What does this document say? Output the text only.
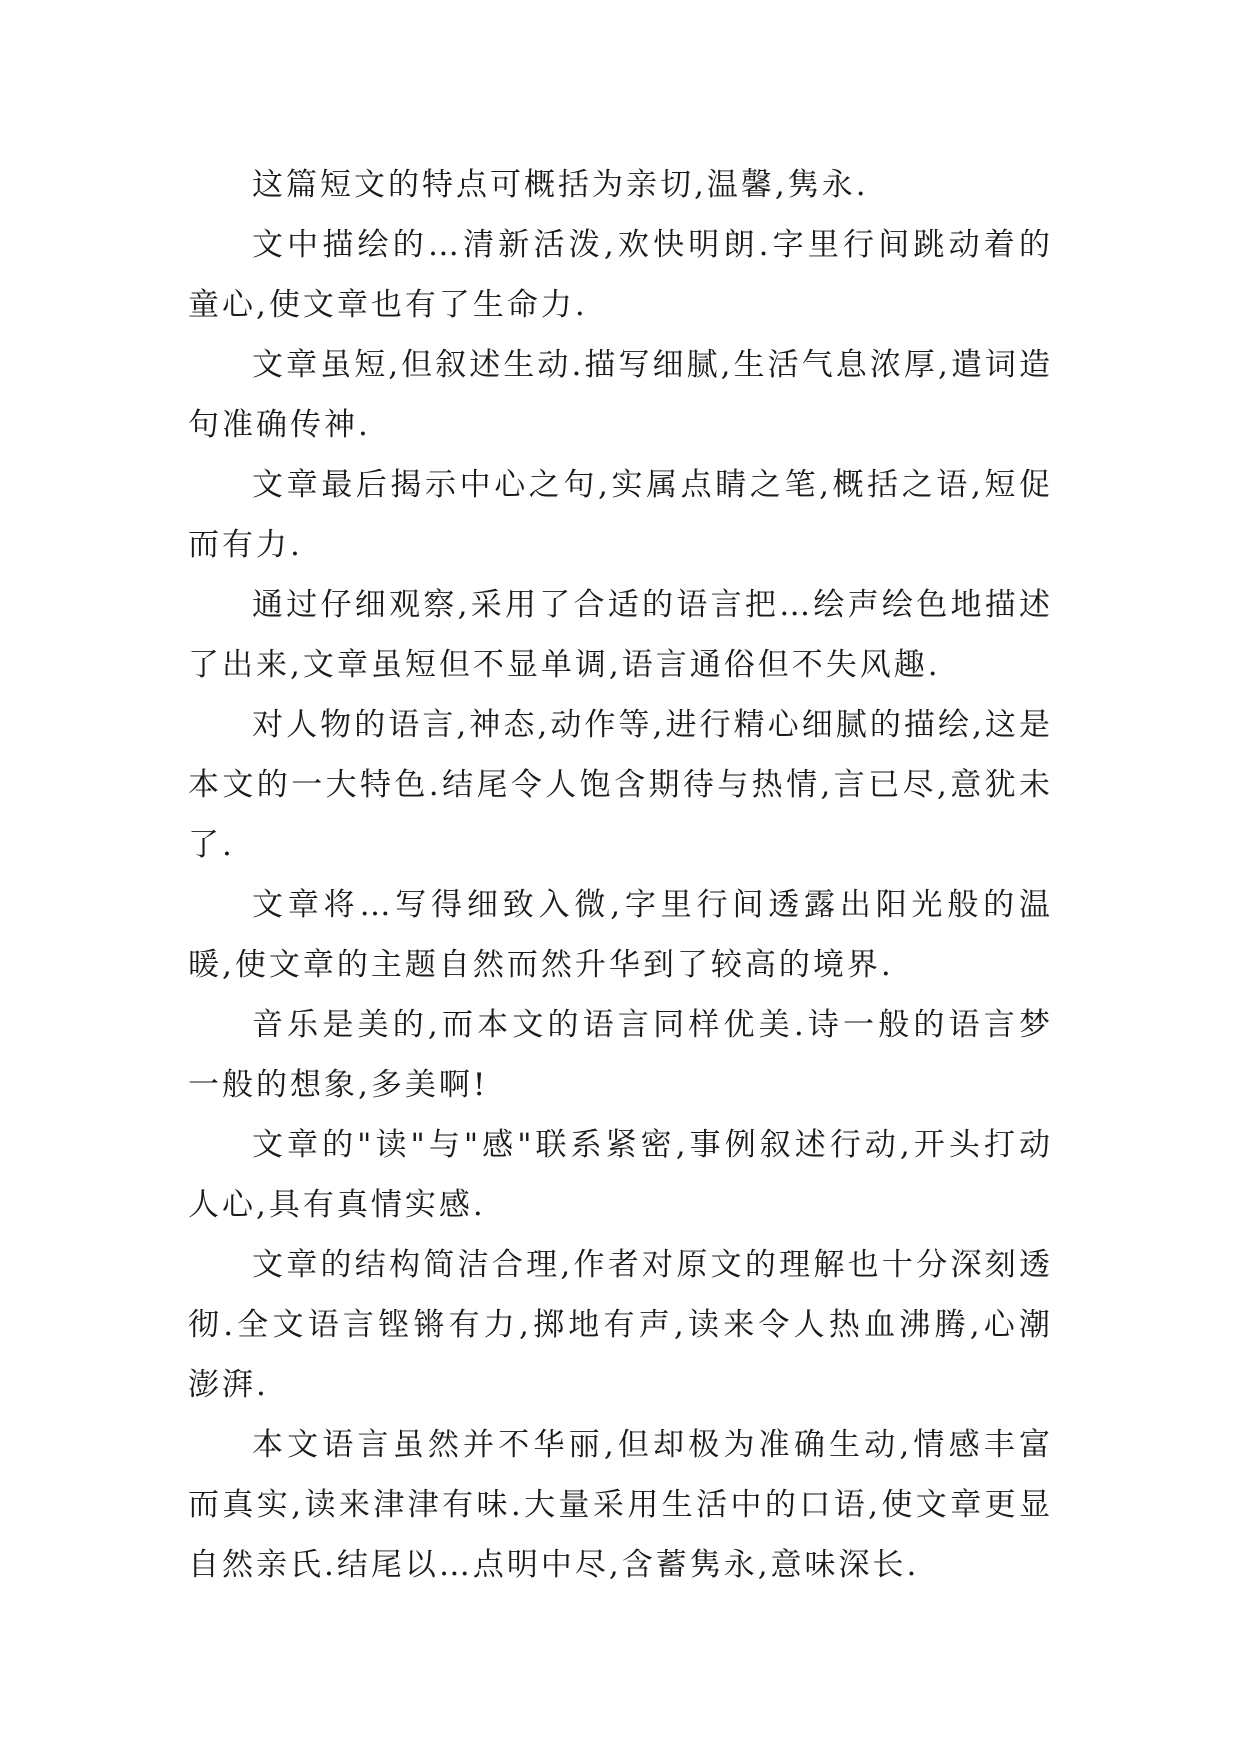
这篇短文的特点可概括为亲切,温馨,隽永.

文中描绘的…清新活泼,欢快明朗.字里行间跳动着的童心,使文章也有了生命力.

文章虽短,但叙述生动.描写细腻,生活气息浓厚,遣词造句准确传神.

文章最后揭示中心之句,实属点睛之笔,概括之语,短促而有力.

通过仔细观察,采用了合适的语言把…绘声绘色地描述了出来,文章虽短但不显单调,语言通俗但不失风趣.

对人物的语言,神态,动作等,进行精心细腻的描绘,这是本文的一大特色.结尾令人饱含期待与热情,言已尽,意犹未了.

文章将…写得细致入微,字里行间透露出阳光般的温暖,使文章的主题自然而然升华到了较高的境界.

音乐是美的,而本文的语言同样优美.诗一般的语言梦一般的想象,多美啊!

文章的"读"与"感"联系紧密,事例叙述行动,开头打动人心,具有真情实感.

文章的结构简洁合理,作者对原文的理解也十分深刻透彻.全文语言铿锵有力,掷地有声,读来令人热血沸腾,心潮澎湃.

本文语言虽然并不华丽,但却极为准确生动,情感丰富而真实,读来津津有味.大量采用生活中的口语,使文章更显自然亲氏.结尾以…点明中尽,含蓄隽永,意味深长.
